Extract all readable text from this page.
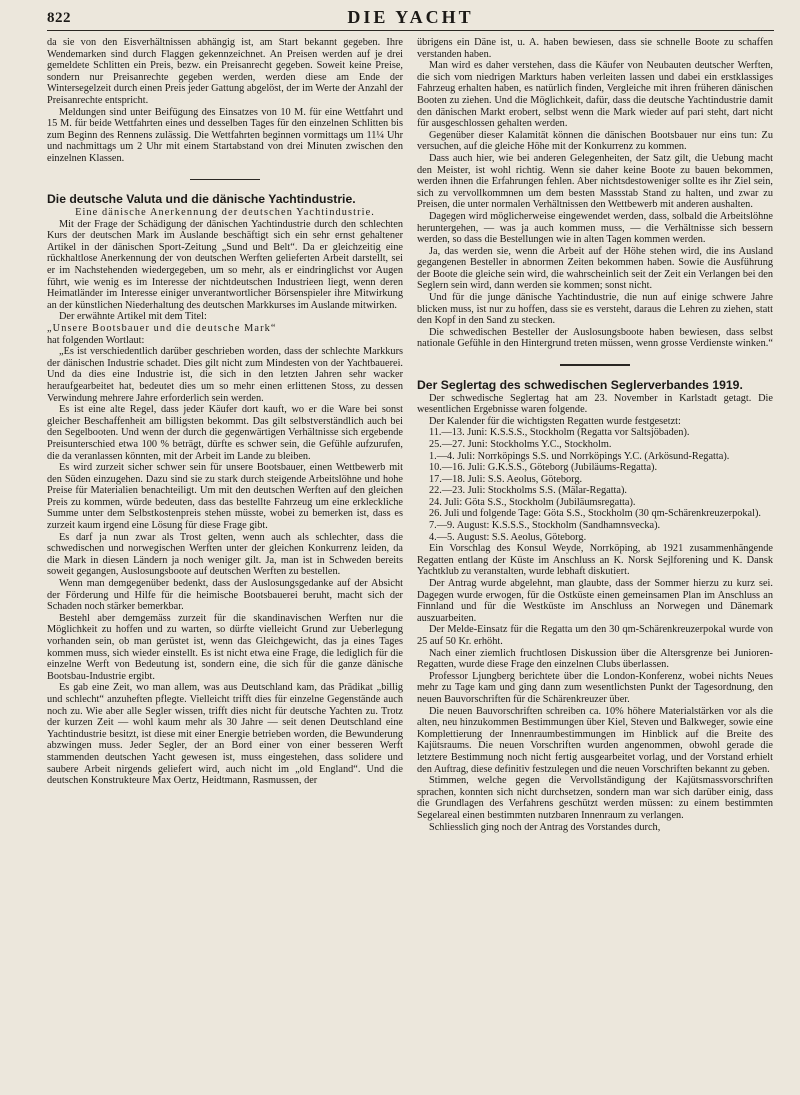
822	DIE YACHT

da sie von den Eisverhältnissen abhängig ist, am Start bekannt gegeben. Ihre Wendemarken sind durch Flaggen gekennzeichnet. An Preisen werden auf je drei gemeldete Schlitten ein Preis, bezw. ein Preisanrecht gegeben. Soweit keine Preise, sondern nur Preisanrechte gegeben werden, werden diese am Ende der Wintersegelzeit durch einen Preis jeder Gattung abgelöst, der im Werte der Anzahl der Preisanrechte entspricht.

Meldungen sind unter Beifügung des Einsatzes von 10 M. für eine Wettfahrt und 15 M. für beide Wettfahrten eines und desselben Tages für den einzelnen Schlitten bis zum Beginn des Rennens zulässig. Die Wettfahrten beginnen vormittags um 11¼ Uhr und nachmittags um 2 Uhr mit einem Startabstand von drei Minuten zwischen den einzelnen Klassen.

Die deutsche Valuta und die dänische Yachtindustrie.

Eine dänische Anerkennung der deutschen Yachtindustrie.

Mit der Frage der Schädigung der dänischen Yachtindustrie durch den schlechten Kurs der deutschen Mark im Auslande beschäftigt sich ein sehr ernst gehaltener Artikel in der dänischen Sport-Zeitung „Sund und Belt“. Da er gleichzeitig eine rückhaltlose Anerkennung der von deutschen Werften gelieferten Arbeit darstellt, sei er im Nachstehenden wiedergegeben, um so mehr, als er eindringlichst vor Augen führt, wie wenig es im Interesse der nichtdeutschen Industrieen liegt, wenn deren Heimatländer im Interesse einiger unverantwortlicher Börsenspieler ihre Mitwirkung an der künstlichen Niederhaltung des deutschen Markkurses im Auslande mitwirken.

Der erwähnte Artikel mit dem Titel:

„Unsere Bootsbauer und die deutsche Mark“

hat folgenden Wortlaut:

„Es ist verschiedentlich darüber geschrieben worden, dass der schlechte Markkurs der dänischen Industrie schadet. Dies gilt nicht zum Mindesten von der Yachtbauerei. Und da dies eine Industrie ist, die sich in den letzten Jahren sehr wacker heraufgearbeitet hat, bedeutet dies um so mehr einen erlittenen Stoss, zu dessen Verwindung mehrere Jahre erforderlich sein werden.

Es ist eine alte Regel, dass jeder Käufer dort kauft, wo er die Ware bei sonst gleicher Beschaffenheit am billigsten bekommt. Das gilt selbstverständlich auch bei den Segelbooten. Und wenn der durch die gegenwärtigen Verhältnisse sich ergebende Preisunterschied etwa 100 % beträgt, dürfte es schwer sein, die Gefühle aufzurufen, die da veranlassen könnten, mit der Arbeit im Lande zu bleiben.

Es wird zurzeit sicher schwer sein für unsere Bootsbauer, einen Wettbewerb mit den Süden einzugehen. Dazu sind sie zu stark durch steigende Arbeitslöhne und hohe Preise für Materialien benachteiligt. Um mit den deutschen Werften auf den gleichen Preis zu kommen, würde bedeuten, dass das bestellte Fahrzeug um eine erkleckliche Summe unter dem Selbstkostenpreis stehen müsste, wobei zu bemerken ist, dass es zurzeit kaum irgend eine Lösung für diese Frage gibt.

Es darf ja nun zwar als Trost gelten, wenn auch als schlechter, dass die schwedischen und norwegischen Werften unter der gleichen Konkurrenz leiden, da die Mark in diesen Ländern ja noch weniger gilt. Ja, man ist in Schweden bereits soweit gegangen, Auslosungsboote auf deutschen Werften zu bestellen.

Wenn man demgegenüber bedenkt, dass der Auslosungsgedanke auf der Absicht der Förderung und Hilfe für die heimische Bootsbauerei beruht, macht sich der Schaden noch stärker bemerkbar.

Bestehl aber demgemäss zurzeit für die skandinavischen Werften nur die Möglichkeit zu hoffen und zu warten, so dürfte vielleicht Grund zur Ueberlegung vorhanden sein, ob man gerüstet ist, wenn das Gleichgewicht, das ja eines Tages kommen muss, sich wieder einstellt. Es ist nicht etwa eine Frage, die lediglich für die einzelne Werft von Bedeutung ist, sondern eine, die sich für die ganze dänische Bootsbau-Industrie ergibt.

Es gab eine Zeit, wo man allem, was aus Deutschland kam, das Prädikat „billig und schlecht“ anzuheften pflegte. Vielleicht trifft dies für einzelne Gegenstände auch noch zu. Wie aber alle Segler wissen, trifft dies nicht für deutsche Yachten zu. Trotz der kurzen Zeit — wohl kaum mehr als 30 Jahre — seit denen Deutschland eine Yachtindustrie besitzt, ist diese mit einer Energie betrieben worden, die Bewunderung abzwingen muss. Jeder Segler, der an Bord einer von einer besseren Werft stammenden deutschen Yacht gewesen ist, muss eingestehen, dass solidere und saubere Arbeit nirgends geliefert wird, auch nicht im „old England“. Und die deutschen Konstrukteure Max Oertz, Heidtmann, Rasmussen, der

übrigens ein Däne ist, u. A. haben bewiesen, dass sie schnelle Boote zu schaffen verstanden haben.

Man wird es daher verstehen, dass die Käufer von Neubauten deutscher Werften, die sich vom niedrigen Markturs haben verleiten lassen und dabei ein erstklassiges Fahrzeug erhalten haben, es natürlich finden, Vergleiche mit ihren früheren dänischen Booten zu ziehen. Und die Möglichkeit, dafür, dass die deutsche Yachtindustrie damit den dänischen Markt erobert, selbst wenn die Mark wieder auf pari steht, dart nicht für ausgeschlossen gehalten werden.

Gegenüber dieser Kalamität können die dänischen Bootsbauer nur eins tun: Zu versuchen, auf die gleiche Höhe mit der Konkurrenz zu kommen.

Dass auch hier, wie bei anderen Gelegenheiten, der Satz gilt, die Uebung macht den Meister, ist wohl richtig. Wenn sie daher keine Boote zu bauen bekommen, werden ihnen die Erfahrungen fehlen. Aber nichtsdestoweniger sollte es ihr Ziel sein, sich zu vervollkommnen um dem besten Massstab Stand zu halten, und zwar zu Preisen, die unter normalen Verhältnissen den Wettbewerb mit anderen aushalten.

Dagegen wird möglicherweise eingewendet werden, dass, solbald die Arbeitslöhne heruntergehen, — was ja auch kommen muss, — die Verhältnisse sich bessern werden, so dass die Bestellungen wie in alten Tagen kommen werden.

Ja, das werden sie, wenn die Arbeit auf der Höhe stehen wird, die ins Ausland gegangenen Besteller in abnormen Zeiten bekommen haben. Sowie die Ausführung der Boote die gleiche sein wird, die wahrscheinlich seit der Zeit ein Verlangen bei den Seglern sein wird, dann werden sie kommen; sonst nicht.

Und für die junge dänische Yachtindustrie, die nun auf einige schwere Jahre blicken muss, ist nur zu hoffen, dass sie es versteht, daraus die Lehren zu ziehen, statt den Kopf in den Sand zu stecken.

Die schwedischen Besteller der Auslosungsboote haben bewiesen, dass selbst nationale Gefühle in den Hintergrund treten müssen, wenn grosse Verdienste winken.“

Der Seglertag des schwedischen Seglerverbandes 1919.

Der schwedische Seglertag hat am 23. November in Karlstadt getagt. Die wesentlichen Ergebnisse waren folgende.

Der Kalender für die wichtigsten Regatten wurde festgesetzt:

11.—13. Juni: K.S.S.S., Stockholm (Regatta vor Saltsjöbaden).

25.—27. Juni: Stockholms Y.C., Stockholm.

1.—4. Juli: Norrköpings S.S. und Norrköpings Y.C. (Arkösund-Regatta).

10.—16. Juli: G.K.S.S., Göteborg (Jubiläums-Regatta).

17.—18. Juli: S.S. Aeolus, Göteborg.

22.—23. Juli: Stockholms S.S. (Mälar-Regatta).

24. Juli: Göta S.S., Stockholm (Jubiläumsregatta).

26. Juli und folgende Tage: Göta S.S., Stockholm (30 qm-Schärenkreuzerpokal).

7.—9. August: K.S.S.S., Stockholm (Sandhamnsvecka).

4.—5. August: S.S. Aeolus, Göteborg.

Ein Vorschlag des Konsul Weyde, Norrköping, ab 1921 zusammenhängende Regatten entlang der Küste im Anschluss an K. Norsk Sejlforening und K. Dansk Yachtklub zu veranstalten, wurde lebhaft diskutiert.

Der Antrag wurde abgelehnt, man glaubte, dass der Sommer hierzu zu kurz sei. Dagegen wurde erwogen, für die Ostküste einen gemeinsamen Plan im Anschluss an Finnland und für die Westküste im Anschluss an Norwegen und Dänemark auszuarbeiten.

Der Melde-Einsatz für die Regatta um den 30 qm-Schärenkreuzerpokal wurde von 25 auf 50 Kr. erhöht.

Nach einer ziemlich fruchtlosen Diskussion über die Altersgrenze bei Junioren-Regatten, wurde diese Frage den einzelnen Clubs überlassen.

Professor Ljungberg berichtete über die London-Konferenz, wobei nichts Neues mehr zu Tage kam und ging dann zum wesentlichsten Punkt der Tagesordnung, den neuen Bauvorschriften für die Schärenkreuzer über.

Die neuen Bauvorschriften schreiben ca. 10% höhere Materialstärken vor als die alten, neu hinzukommen Bestimmungen über Kiel, Steven und Balkweger, sowie eine Komplettierung der Innenraumbestimmungen im Hinblick auf die Breite des Kajütsraums. Die neuen Vorschriften wurden angenommen, obwohl gerade die letztere Bestimmung noch nicht fertig ausgearbeitet vorlag, und der Vorstand erhielt den Auftrag, diese definitiv festzulegen und die neuen Vorschriften bekannt zu geben.

Stimmen, welche gegen die Vervollständigung der Kajütsmassvorschriften sprachen, konnten sich nicht durchsetzen, sondern man war sich darüber einig, dass die Grundlagen des Verfahrens geschützt werden müssen: zu einem bestimmten Segelareal einen bestimmten nutzbaren Innenraum zu verlangen.

Schliesslich ging noch der Antrag des Vorstandes durch,
